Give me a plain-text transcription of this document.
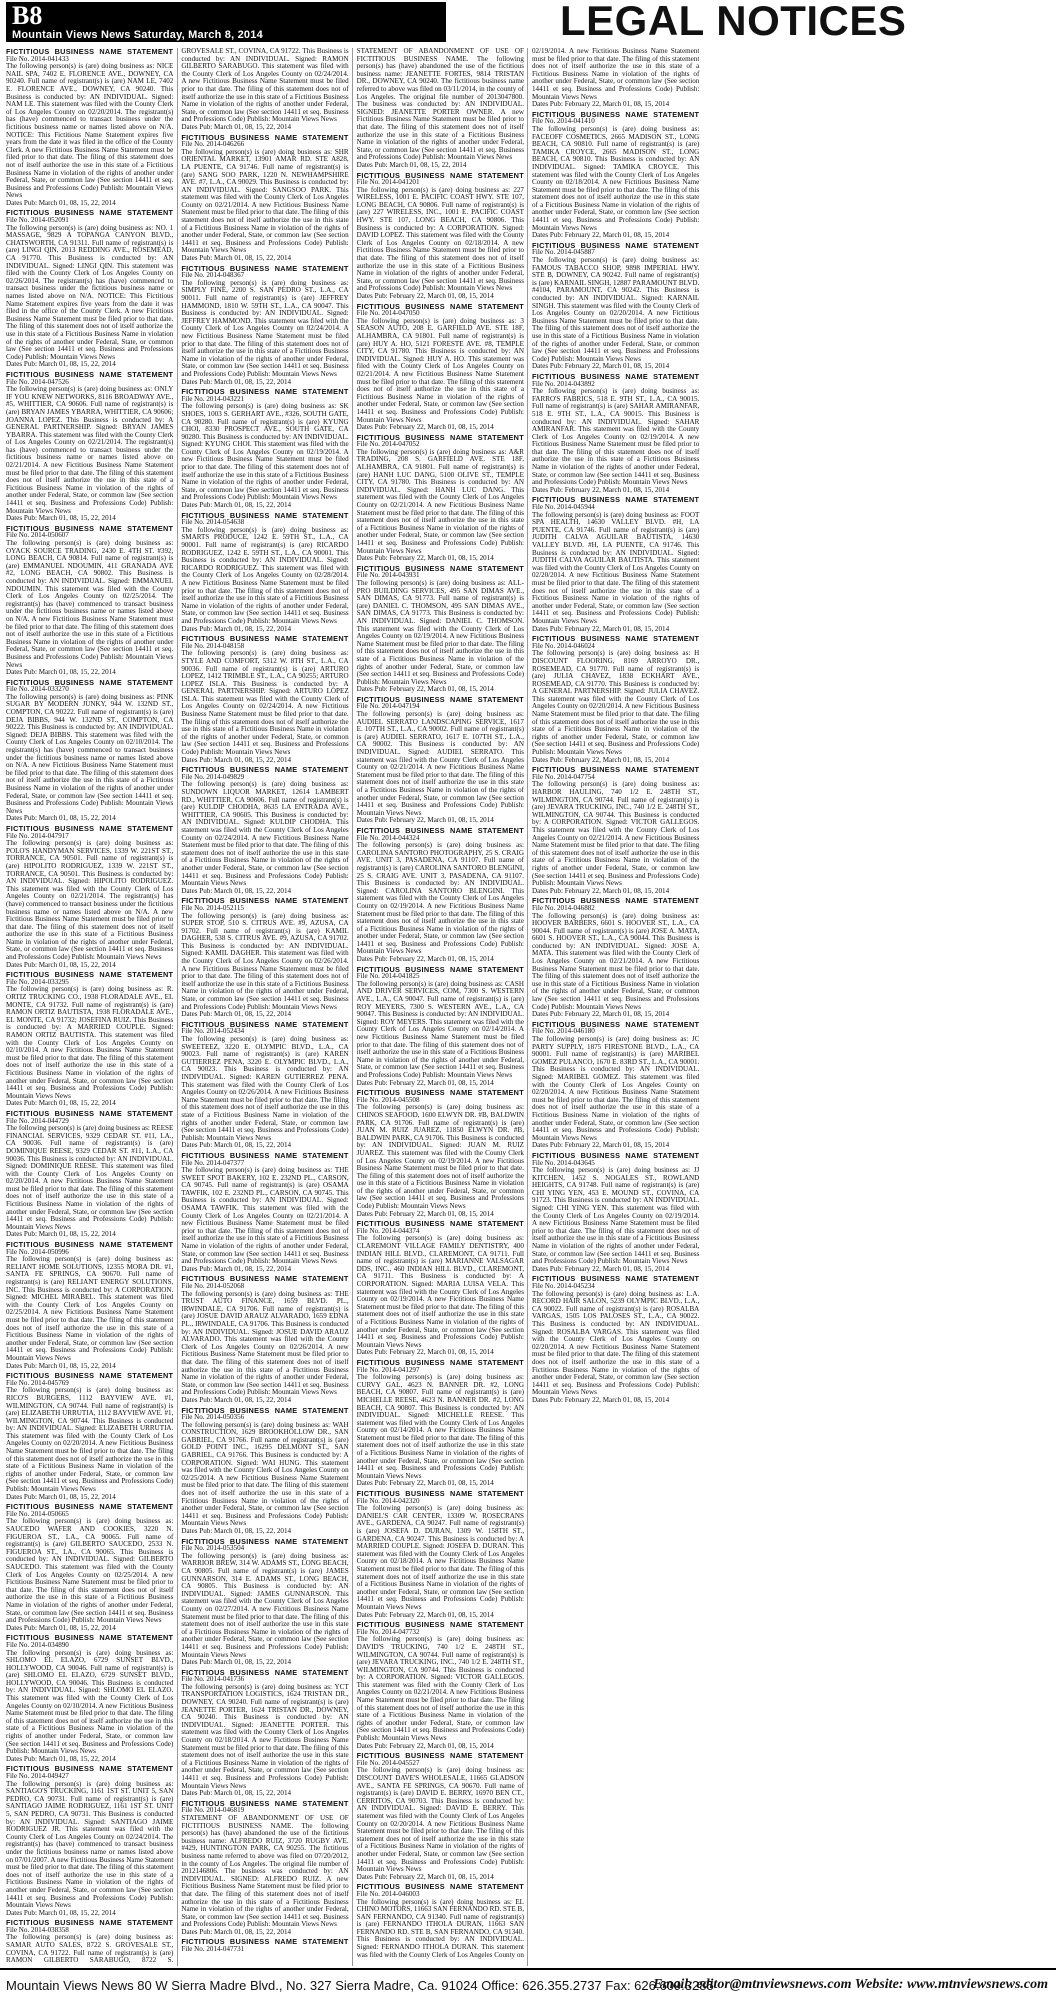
B8
Mountain Views News Saturday, March 8, 2014	LEGAL NOTICES
FICTITIOUS BUSINESS NAME STATEMENT
File No. 2014-041433
The following person(s) is (are) doing business as: NICE NAIL SPA, 7402 E. FLORENCE AVE., DOWNEY, CA 90240. Full name of registrant(s) is (are) NAM LE, 7402 E. FLORENCE AVE., DOWNEY, CA 90240. This Business is conducted by: AN INDIVIDUAL. Signed: NAM LE. This statement was filed with the County Clerk of Los Angeles County on 02/20/2014. The registrant(s) has (have) commenced to transact business under the fictitious business name or names listed above on N/A. NOTICE: This Fictitious Name Statement expires five years from the date it was filed in the office of the County Clerk. A new Fictitious Business Name Statement must be filed prior to that date. The filing of this statement does not of itself authorize the use in this state of a Fictitious Business Name in violation of the rights of another under Federal, State, or common law (See section 14411 et seq. Business and Professions Code) Publish: Mountain Views News
Dates Pub: March 01, 08, 15, 22, 2014
FICTITIOUS BUSINESS NAME STATEMENT
File No. 2014-052091
The following person(s) is (are) doing business as: NO. 1 MASSAGE, 9829 A TOPANGA CANYON BLVD., CHATSWORTH, CA 91311. Full name of registrant(s) is (are) LINGI QIN, 2013 REDDING AVE., ROSEMEAD, CA 91770. This Business is conducted by: AN INDIVIDUAL. Signed: LINGI QIN. This statement was filed with the County Clerk of Los Angeles County on 02/26/2014. The registrant(s) has (have) commenced to transact business under the fictitious business name or names listed above on N/A. NOTICE: This Fictitious Name Statement expires five years from the date it was filed in the office of the County Clerk. A new Fictitious Business Name Statement must be filed prior to that date. The filing of this statement does not of itself authorize the use in this state of a Fictitious Business Name in violation of the rights of another under Federal, State, or common law (See section 14411 et seq. Business and Professions Code) Publish: Mountain Views News
Dates Pub: March 01, 08, 15, 22, 2014
FICTITIOUS BUSINESS NAME STATEMENT
File No. 2014-047526
The following person(s) is (are) doing business as: ONLY IF YOU KNEW NETWORKS, 8116 BROADWAY AVE., #5, WHITTIER, CA 90606. Full name of registrant(s) is (are) BRYAN JAMES YBARRA, WHITTIER, CA 90606; JOANNA LOPEZ. This Business is conducted by: A GENERAL PARTNERSHIP. Signed: BRYAN JAMES YBARRA. This statement was filed with the County Clerk of Los Angeles County on 02/21/2014. The registrant(s) has (have) commenced to transact business under the fictitious business name or names listed above on 02/21/2014. A new Fictitious Business Name Statement must be filed prior to that date. The filing of this statement does not of itself authorize the use in this state of a Fictitious Business Name in violation of the rights of another under Federal, State, or common law (See section 14411 et seq. Business and Professions Code) Publish: Mountain Views News
Dates Pub: March 01, 08, 15, 22, 2014
FICTITIOUS BUSINESS NAME STATEMENT
File No. 2014-050607
The following person(s) is (are) doing business as: OYACK SOURCE TRADING, 2430 E. 4TH ST. #392, LONG BEACH, CA 90814. Full name of registrant(s) is (are) EMMANUEL NDOUMIN, 411 GRANADA AVE #2, LONG BEACH, CA 90802. This Business is conducted by: AN INDIVIDUAL. Signed: EMMANUEL NDOUMIN. This statement was filed with the County Clerk of Los Angeles County on 02/25/2014. The registrant(s) has (have) commenced to transact business under the fictitious business name or names listed above on N/A. A new Fictitious Business Name Statement must be filed prior to that date. The filing of this statement does not of itself authorize the use in this state of a Fictitious Business Name in violation of the rights of another under Federal, State, or common law (See section 14411 et seq. Business and Professions Code) Publish: Mountain Views News
Dates Pub: March 01, 08, 15, 22, 2014
FICTITIOUS BUSINESS NAME STATEMENT
File No. 2014-033270
The following person(s) is (are) doing business as: PINK SUGAR BY MODERN JUNKY, 944 W. 132ND ST., COMPTON, CA 90222. Full name of registrant(s) is (are) DEJA BIBBS, 944 W. 132ND ST., COMPTON, CA 90222. This Business is conducted by: AN INDIVIDUAL. Signed: DEJA BIBBS. This statement was filed with the County Clerk of Los Angeles County on 02/10/2014. The registrant(s) has (have) commenced to transact business under the fictitious business name or names listed above on N/A. A new Fictitious Business Name Statement must be filed prior to that date. The filing of this statement does not of itself authorize the use in this state of a Fictitious Business Name in violation of the rights of another under Federal, State, or common law (See section 14411 et seq. Business and Professions Code) Publish: Mountain Views News
Dates Pub: March 01, 08, 15, 22, 2014
FICTITIOUS BUSINESS NAME STATEMENT
File No. 2014-047917
The following person(s) is (are) doing business as: POLO'S HANDYMAN SERVICES, 1339 W. 221ST ST., TORRANCE, CA 90501. Full name of registrant(s) is (are) HIPOLITO RODRIGUEZ, 1339 W. 221ST ST., TORRANCE, CA 90501. This Business is conducted by: AN INDIVIDUAL. Signed: HIPOLITO RODRIGUEZ. This statement was filed with the County Clerk of Los Angeles County on 02/21/2014. The registrant(s) has (have) commenced to transact business under the fictitious business name or names listed above on N/A. A new Fictitious Business Name Statement must be filed prior to that date. The filing of this statement does not of itself authorize the use in this state of a Fictitious Business Name in violation of the rights of another under Federal, State, or common law (See section 14411 et seq. Business and Professions Code) Publish: Mountain Views News
Dates Pub: March 01, 08, 15, 22, 2014
FICTITIOUS BUSINESS NAME STATEMENT
File No. 2014-033295
The following person(s) is (are) doing business as: R. ORTIZ TRUCKING CO., 1938 FLORADALE AVE., EL MONTE, CA 91732. Full name of registrant(s) is (are) RAMON ORTIZ BAUTISTA, 1938 FLORADALE AVE., EL MONTE, CA 91732; JOSEFINA RUIZ. This Business is conducted by: A MARRIED COUPLE. Signed: RAMON ORTIZ BAUTISTA. This statement was filed with the County Clerk of Los Angeles County on 02/10/2014. A new Fictitious Business Name Statement must be filed prior to that date. The filing of this statement does not of itself authorize the use in this state of a Fictitious Business Name in violation of the rights of another under Federal, State, or common law (See section 14411 et seq. Business and Professions Code) Publish: Mountain Views News
Dates Pub: March 01, 08, 15, 22, 2014
FICTITIOUS BUSINESS NAME STATEMENT
File No. 2014-044729
The following person(s) is (are) doing business as: REESE FINANCIAL SERVICES, 9329 CEDAR ST. #11, LA., CA 90036. Full name of registrant(s) is (are) DOMINIQUE REESE, 9329 CEDAR ST. #11, L.A., CA 90036. This Business is conducted by: AN INDIVIDUAL. Signed: DOMINIQUE REESE. This statement was filed with the County Clerk of Los Angeles County on 02/20/2014. A new Fictitious Business Name Statement must be filed prior to that date. The filing of this statement does not of itself authorize the use in this state of a Fictitious Business Name in violation of the rights of another under Federal, State, or common law (See section 14411 et seq. Business and Professions Code) Publish: Mountain Views News
Dates Pub: March 01, 08, 15, 22, 2014
FICTITIOUS BUSINESS NAME STATEMENT
File No. 2014-050996
The following person(s) is (are) doing business as: RELIANT HOME SOLUTIONS, 12355 MORA DR. #1, SANTA FE SPRINGS, CA 90670. Full name of registrant(s) is (are) RELIANT ENERGY SOLUTIONS, INC. This Business is conducted by: A CORPORATION. Signed: MICHEL MIRABEL. This statement was filed with the County Clerk of Los Angeles County on 02/25/2014. A new Fictitious Business Name Statement must be filed prior to that date. The filing of this statement does not of itself authorize the use in this state of a Fictitious Business Name in violation of the rights of another under Federal, State, or common law (See section 14411 et seq. Business and Professions Code) Publish: Mountain Views News
Dates Pub: March 01, 08, 15, 22, 2014
FICTITIOUS BUSINESS NAME STATEMENT
File No. 2014-045769
The following person(s) is (are) doing business as: RICO'S BURGERS, 1112 BAYVIEW AVE. #1, WILMINGTON, CA 90744. Full name of registrant(s) is (are) ELIZABETH URRUTIA, 1112 BAYVIEW AVE. #1, WILMINGTON, CA 90744. This Business is conducted by: AN INDIVIDUAL. Signed: ELIZABETH URRUTIA. This statement was filed with the County Clerk of Los Angeles County on 02/20/2014. A new Fictitious Business Name Statement must be filed prior to that date. The filing of this statement does not of itself authorize the use in this state of a Fictitious Business Name in violation of the rights of another under Federal, State, or common law (See section 14411 et seq. Business and Professions Code) Publish: Mountain Views News
Dates Pub: March 01, 08, 15, 22, 2014
FICTITIOUS BUSINESS NAME STATEMENT
File No. 2014-050665
The following person(s) is (are) doing business as: SAUCEDO WAFER AND COOKIES, 3220 N. FIGUEROA ST., LA., CA 90065. Full name of registrant(s) is (are) GILBERTO SAUCEDO, 2533 N. FIGUEROA ST., LA., CA 90065. This Business is conducted by: AN INDIVIDUAL. Signed: GILBERTO SAUCEDO. This statement was filed with the County Clerk of Los Angeles County on 02/25/2014. A new Fictitious Business Name Statement must be filed prior to that date. The filing of this statement does not of itself authorize the use in this state of a Fictitious Business Name in violation of the rights of another under Federal, State, or common law (See section 14411 et seq. Business and Professions Code) Publish: Mountain Views News
Dates Pub: March 01, 08, 15, 22, 2014
FICTITIOUS BUSINESS NAME STATEMENT
File No. 2014-034890
The following person(s) is (are) doing business as: SHLOMO EL ELAZO, 6729 SUNSET BLVD., HOLLYWOOD, CA 90046. Full name of registrant(s) is (are) SHLOMO EL ELAZO, 6729 SUNSET BLVD., HOLLYWOOD, CA 90046. This Business is conducted by: AN INDIVIDUAL. Signed: SHLOMO EL ELAZO. This statement was filed with the County Clerk of Los Angeles County on 02/10/2014. A new Fictitious Business Name Statement must be filed prior to that date. The filing of this statement does not of itself authorize the use in this state of a Fictitious Business Name in violation of the rights of another under Federal, State, or common law (See section 14411 et seq. Business and Professions Code) Publish: Mountain Views News
Dates Pub: March 01, 08, 15, 22, 2014
FICTITIOUS BUSINESS NAME STATEMENT
File No. 2014-049427
The following person(s) is (are) doing business as: SANTIAGO'S TRUCKING, 1161 1ST ST. UNIT 5, SAN PEDRO, CA 90731. Full name of registrant(s) is (are) SANTIAGO JAIME RODRIGUEZ, 1161 1ST ST. UNIT 5, SAN PEDRO, CA 90731. This Business is conducted by: AN INDIVIDUAL. Signed: SANTIAGO JAIME RODRIGUEZ JR. This statement was filed with the County Clerk of Los Angeles County on 02/24/2014. The registrant(s) has (have) commenced to transact business under the fictitious business name or names listed above on 07/01/2007. A new Fictitious Business Name Statement must be filed prior to that date. The filing of this statement does not of itself authorize the use in this state of a Fictitious Business Name in violation of the rights of another under Federal, State, or common law (See section 14411 et seq. Business and Professions Code) Publish: Mountain Views News
Dates Pub: March 01, 08, 15, 22, 2014
FICTITIOUS BUSINESS NAME STATEMENT
File No. 2014-038358
The following person(s) is (are) doing business as: SAMAR AUTO SALES, 8722 S. GROVESALE ST., COVINA, CA 91722. Full name of registrant(s) is (are) RAMON GILBERTO SARABUGO, 8722 S. GROVESALE ST., COVINA, CA 91722. This Business is conducted by: AN INDIVIDUAL. Signed: RAMON GILBERTO SARABUGO. This statement was filed with the County Clerk of Los Angeles County on 02/24/2014. A new Fictitious Business Name Statement must be filed prior to that date. The filing of this statement does not of itself authorize the use in this state of a Fictitious Business Name in violation of the rights of another under Federal, State, or common law (See section 14411 et seq. Business and Professions Code) Publish: Mountain Views News
Dates Pub: March 01, 08, 15, 22, 2014
FICTITIOUS BUSINESS NAME STATEMENT
File No. 2014-046266
The following person(s) is (are) doing business as: SHR ORIENTAL MARKET, 13901 AMAR RD. STE A828, LA PUENTE, CA 91746. Full name of registrant(s) is (are) SANG SOO PARK, 1220 N. NEWHAMPSHIRE AVE. #7, L.A., CA 90029. This Business is conducted by: AN INDIVIDUAL. Signed: SANGSOO PARK. This statement was filed with the County Clerk of Los Angeles County on 02/21/2014. A new Fictitious Business Name Statement must be filed prior to that date. The filing of this statement does not of itself authorize the use in this state of a Fictitious Business Name in violation of the rights of another under Federal, State, or common law (See section 14411 et seq. Business and Professions Code) Publish: Mountain Views News
Dates Pub: March 01, 08, 15, 22, 2014
FICTITIOUS BUSINESS NAME STATEMENT
File No. 2014-048367
The following person(s) is (are) doing business as: SIMPLY FINE, 2200 S. SAN PEDRO ST., L.A., CA 90011. Full name of registrant(s) is (are) JEFFREY HAMMOND, 1810 W. 59TH ST., L.A., CA 90047. This Business is conducted by: AN INDIVIDUAL. Signed: JEFFREY HAMMOND. This statement was filed with the County Clerk of Los Angeles County on 02/24/2014. A new Fictitious Business Name Statement must be filed prior to that date. The filing of this statement does not of itself authorize the use in this state of a Fictitious Business Name in violation of the rights of another under Federal, State, or common law (See section 14411 et seq. Business and Professions Code) Publish: Mountain Views News
Dates Pub: March 01, 08, 15, 22, 2014
FICTITIOUS BUSINESS NAME STATEMENT
File No. 2014-043221
The following person(s) is (are) doing business as: SK SHOES, 1003 S. GERHART AVE., #326, SOUTH GATE, CA 90280. Full name of registrant(s) is (are) KYUNG CHOI, 8330 PROSPECT AVE., SOUTH GATE, CA 90280. This Business is conducted by: AN INDIVIDUAL. Signed: KYUNG CHOI. This statement was filed with the County Clerk of Los Angeles County on 02/19/2014. A new Fictitious Business Name Statement must be filed prior to that date. The filing of this statement does not of itself authorize the use in this state of a Fictitious Business Name in violation of the rights of another under Federal, State, or common law (See section 14411 et seq. Business and Professions Code) Publish: Mountain Views News
Dates Pub: March 01, 08, 15, 22, 2014
FICTITIOUS BUSINESS NAME STATEMENT
File No. 2014-054638
The following person(s) is (are) doing business as: SMARTS PRODUCE, 1242 E. 59TH ST., L.A., CA 90001. Full name of registrant(s) is (are) RICARDO RODRIGUEZ, 1242 E. 59TH ST., L.A., CA 90001. This Business is conducted by: AN INDIVIDUAL. Signed: RICARDO RODRIGUEZ. This statement was filed with the County Clerk of Los Angeles County on 02/28/2014. A new Fictitious Business Name Statement must be filed prior to that date. The filing of this statement does not of itself authorize the use in this state of a Fictitious Business Name in violation of the rights of another under Federal, State, or common law (See section 14411 et seq. Business and Professions Code) Publish: Mountain Views News
Dates Pub: March 01, 08, 15, 22, 2014
FICTITIOUS BUSINESS NAME STATEMENT
File No. 2014-048158
The following person(s) is (are) doing business as: STYLE AND COMFORT, 5312 W. 8TH ST., L.A., CA 90036. Full name of registrant(s) is (are) ARTURO LOPEZ, 1412 TRIMBLE ST., L.A., CA 90255; ARTURO LOPEZ ISLA. This Business is conducted by: A GENERAL PARTNERSHIP. Signed: ARTURO LOPEZ ISLA. This statement was filed with the County Clerk of Los Angeles County on 02/24/2014. A new Fictitious Business Name Statement must be filed prior to that date. The filing of this statement does not of itself authorize the use in this state of a Fictitious Business Name in violation of the rights of another under Federal, State, or common law (See section 14411 et seq. Business and Professions Code) Publish: Mountain Views News
Dates Pub: March 01, 08, 15, 22, 2014
FICTITIOUS BUSINESS NAME STATEMENT
File No. 2014-049829
The following person(s) is (are) doing business as: SUNDOWN LIQUOR MARKET, 12614 LAMBERT RD., WHITTIER, CA 90606. Full name of registrant(s) is (are) KULDIP CHODHA, 8635 LA ENTRADA AVE., WHITTIER, CA 90605. This Business is conducted by: AN INDIVIDUAL. Signed: KULDIP CHODHA. This statement was filed with the County Clerk of Los Angeles County on 02/24/2014. A new Fictitious Business Name Statement must be filed prior to that date. The filing of this statement does not of itself authorize the use in this state of a Fictitious Business Name in violation of the rights of another under Federal, State, or common law (See section 14411 et seq. Business and Professions Code) Publish: Mountain Views News
Dates Pub: March 01, 08, 15, 22, 2014
FICTITIOUS BUSINESS NAME STATEMENT
File No. 2014-052115
The following person(s) is (are) doing business as: SUPER STOP, 510 S. CITRUS AVE. #9, AZUSA, CA 91702. Full name of registrant(s) is (are) KAMIL DAGHER, 538 S. CITRUS AVE. #9, AZUSA, CA 91702. This Business is conducted by: AN INDIVIDUAL. Signed: KAMIL DAGHER. This statement was filed with the County Clerk of Los Angeles County on 02/26/2014. A new Fictitious Business Name Statement must be filed prior to that date. The filing of this statement does not of itself authorize the use in this state of a Fictitious Business Name in violation of the rights of another under Federal, State, or common law (See section 14411 et seq. Business and Professions Code) Publish: Mountain Views News
Dates Pub: March 01, 08, 15, 22, 2014
FICTITIOUS BUSINESS NAME STATEMENT
File No. 2014-052434
The following person(s) is (are) doing business as: SWEETEEZ, 3220 E. OLYMPIC BLVD., L.A., CA 90023. Full name of registrant(s) is (are) KAREN GUTIERREZ PENA, 3220 E. OLYMPIC BLVD., L.A., CA 90023. This Business is conducted by: AN INDIVIDUAL. Signed: KAREN GUTIERREZ PENA. This statement was filed with the County Clerk of Los Angeles County on 02/26/2014. A new Fictitious Business Name Statement must be filed prior to that date. The filing of this statement does not of itself authorize the use in this state of a Fictitious Business Name in violation of the rights of another under Federal, State, or common law (See section 14411 et seq. Business and Professions Code) Publish: Mountain Views News
Dates Pub: March 01, 08, 15, 22, 2014
FICTITIOUS BUSINESS NAME STATEMENT
File No. 2014-047377
The following person(s) is (are) doing business as: THE SWEET SPOT BAKERY, 102 E. 232ND PL., CARSON, CA 90745. Full name of registrant(s) is (are) OSAMA TAWFIK, 102 E. 232ND PL., CARSON, CA 90745. This Business is conducted by: AN INDIVIDUAL. Signed: OSAMA TAWFIK. This statement was filed with the County Clerk of Los Angeles County on 02/21/2014. A new Fictitious Business Name Statement must be filed prior to that date. The filing of this statement does not of itself authorize the use in this state of a Fictitious Business Name in violation of the rights of another under Federal, State, or common law (See section 14411 et seq. Business and Professions Code) Publish: Mountain Views News
Dates Pub: March 01, 08, 15, 22, 2014
FICTITIOUS BUSINESS NAME STATEMENT
File No. 2014-052068
The following person(s) is (are) doing business as: THE TRUST AUTO FINANCE, 1659 BLVD. PL., IRWINDALE, CA 91706. Full name of registrant(s) is (are) JOSUE DAVID ARAUZ ALVARADO, 1659 EDNA PL., IRWINDALE, CA 91706. This Business is conducted by: AN INDIVIDUAL. Signed: JOSUE DAVID ARAUZ ALVARADO. This statement was filed with the County Clerk of Los Angeles County on 02/26/2014. A new Fictitious Business Name Statement must be filed prior to that date. The filing of this statement does not of itself authorize the use in this state of a Fictitious Business Name in violation of the rights of another under Federal, State, or common law (See section 14411 et seq. Business and Professions Code) Publish: Mountain Views News
Dates Pub: March 01, 08, 15, 22, 2014
FICTITIOUS BUSINESS NAME STATEMENT
File No. 2014-050356
The following person(s) is (are) doing business as: WAH CONSTRUCTION, 1629 BROOKHOLLOW DR., SAN GABRIEL, CA 91766. Full name of registrant(s) is (are) GOLD POINT INC., 16295 DELMONT ST., SAN GABRIEL, CA 91766. This Business is conducted by: A CORPORATION. Signed: WAI HUNG. This statement was filed with the County Clerk of Los Angeles County on 02/25/2014. A new Fictitious Business Name Statement must be filed prior to that date. The filing of this statement does not of itself authorize the use in this state of a Fictitious Business Name in violation of the rights of another under Federal, State, or common law (See section 14411 et seq. Business and Professions Code) Publish: Mountain Views News
Dates Pub: March 01, 08, 15, 22, 2014
FICTITIOUS BUSINESS NAME STATEMENT
File No. 2014-053504
The following person(s) is (are) doing business as: WARRIOR BREW, 314 W. ADAMS ST., LONG BEACH, CA 90805. Full name of registrant(s) is (are) JAMES GUNNARSON, 314 E. ADAMS ST., LONG BEACH, CA 90805. This Business is conducted by: AN INDIVIDUAL. Signed: JAMES GUNNARSON. This statement was filed with the County Clerk of Los Angeles County on 02/27/2014. A new Fictitious Business Name Statement must be filed prior to that date. The filing of this statement does not of itself authorize the use in this state of a Fictitious Business Name in violation of the rights of another under Federal, State, or common law (See section 14411 et seq. Business and Professions Code) Publish: Mountain Views News
Dates Pub: March 01, 08, 15, 22, 2014
FICTITIOUS BUSINESS NAME STATEMENT
File No. 2014-041736
The following person(s) is (are) doing business as: YCT TRANSPORTATION LOGISTICS, 1624 TRISTAN DR., DOWNEY, CA 90240. Full name of registrant(s) is (are) JEANETTE PORTER, 1624 TRISTAN DR., DOWNEY, CA 90240. This Business is conducted by: AN INDIVIDUAL. Signed: JEANETTE PORTER. This statement was filed with the County Clerk of Los Angeles County on 02/18/2014. A new Fictitious Business Name Statement must be filed prior to that date. The filing of this statement does not of itself authorize the use in this state of a Fictitious Business Name in violation of the rights of another under Federal, State, or common law (See section 14411 et seq. Business and Professions Code) Publish: Mountain Views News
Dates Pub: March 01, 08, 15, 22, 2014
FICTITIOUS BUSINESS NAME STATEMENT
File No. 2014-046819
STATEMENT OF ABANDONMENT OF USE OF FICTITIOUS BUSINESS NAME. The following person(s) has (have) abandoned the use of the fictitious business name: ALFREDO RUIZ, 3720 RUGBY AVE. #429, HUNTINGTON PARK, CA 90255. The fictitious business name referred to above was filed on 07/20/2012, in the county of Los Angeles. The original file number of 2012146806. The business was conducted by: AN INDIVIDUAL. SIGNED: ALFREDO RUIZ. A new Fictitious Business Name Statement must be filed prior to that date. The filing of this statement does not of itself authorize the use in this state of a Fictitious Business Name in violation of the rights of another under Federal, State, or common law (See section 14411 et seq. Business and Professions Code) Publish: Mountain Views News
Dates Pub: March 01, 08, 15, 22, 2014
FICTITIOUS BUSINESS NAME STATEMENT
File No. 2014-047731
STATEMENT OF ABANDONMENT OF USE OF FICTITIOUS BUSINESS NAME. The following person(s) has (have) abandoned the use of the fictitious business name: JEANETTE FORTES, 9814 TRISTAN DR., DOWNEY, CA 90240. The fictitious business name referred to above was filed on 03/11/2014, in the county of Los Angeles. The original file number of 2013047800. The business was conducted by: AN INDIVIDUAL. SIGNED: JEANETTE PORTER OWNER. A new Fictitious Business Name Statement must be filed prior to that date. The filing of this statement does not of itself authorize the use in this state of a Fictitious Business Name in violation of the rights of another under Federal, State, or common law (See section 14411 et seq. Business and Professions Code) Publish: Mountain Views News
Dates Pub: March 01, 08, 15, 22, 2014
FICTITIOUS BUSINESS NAME STATEMENT
File No. 2014-041201
The following person(s) is (are) doing business as: 227 WIRELESS, 1001 E. PACIFIC COAST HWY. STE 107, LONG BEACH, CA 90806. Full name of registrant(s) is (are) 227 WIRELESS, INC., 1001 E. PACIFIC COAST HWY. STE 107, LONG BEACH, CA 90806. This Business is conducted by: A CORPORATION. Signed: DAVID LOPEZ. This statement was filed with the County Clerk of Los Angeles County on 02/18/2014. A new Fictitious Business Name Statement must be filed prior to that date. The filing of this statement does not of itself authorize the use in this state of a Fictitious Business Name in violation of the rights of another under Federal, State, or common law (See section 14411 et seq. Business and Professions Code) Publish: Mountain Views News
Dates Pub: February 22, March 01, 08, 15, 2014
FICTITIOUS BUSINESS NAME STATEMENT
File No. 2014-047050
The following person(s) is (are) doing business as: 3 SEASON AUTO, 208 E. GARFIELD AVE. STE 18F, ALHAMBRA, CA 91801. Full name of registrant(s) is (are) HUY A. HO, 5121 FORESTE AVE. #8, TEMPLE CITY, CA 91780. This Business is conducted by: AN INDIVIDUAL. Signed: HUY A. HO. This statement was filed with the County Clerk of Los Angeles County on 02/21/2014. A new Fictitious Business Name Statement must be filed prior to that date. The filing of this statement does not of itself authorize the use in this state of a Fictitious Business Name in violation of the rights of another under Federal, State, or common law (See section 14411 et seq. Business and Professions Code) Publish: Mountain Views News
Dates Pub: February 22, March 01, 08, 15, 2014
FICTITIOUS BUSINESS NAME STATEMENT
File No. 2014-047052
The following person(s) is (are) doing business as: A&R TRADING, 208 S. GARFIELD AVE. STE 18F, ALHAMBRA, CA 91801. Full name of registrant(s) is (are) HANH LUC DANG, 5100 OLIVE ST., TEMPLE CITY, CA 91780. This Business is conducted by: AN INDIVIDUAL. Signed: HANH LUC DANG. This statement was filed with the County Clerk of Los Angeles County on 02/21/2014. A new Fictitious Business Name Statement must be filed prior to that date. The filing of this statement does not of itself authorize the use in this state of a Fictitious Business Name in violation of the rights of another under Federal, State, or common law (See section 14411 et seq. Business and Professions Code) Publish: Mountain Views News
Dates Pub: February 22, March 01, 08, 15, 2014
FICTITIOUS BUSINESS NAME STATEMENT
File No. 2014-043931
The following person(s) is (are) doing business as: ALL-PRO BUILDING SERVICES, 495 SAN DIMAS AVE., SAN DIMAS, CA 91773. Full name of registrant(s) is (are) DANIEL C. THOMSON, 495 SAN DIMAS AVE., SAN DIMAS, CA 91773. This Business is conducted by: AN INDIVIDUAL. Signed: DANIEL C. THOMSON. This statement was filed with the County Clerk of Los Angeles County on 02/19/2014. A new Fictitious Business Name Statement must be filed prior to that date. The filing of this statement does not of itself authorize the use in this state of a Fictitious Business Name in violation of the rights of another under Federal, State, or common law (See section 14411 et seq. Business and Professions Code) Publish: Mountain Views News
Dates Pub: February 22, March 01, 08, 15, 2014
FICTITIOUS BUSINESS NAME STATEMENT
File No. 2014-047194
The following person(s) is (are) doing business as: AUDIEL SERRATO LANDSCAPING SERVICE, 1617 E. 107TH ST., L.A., CA 90002. Full name of registrant(s) is (are) AUDIEL SERRATO, 1617 E. 107TH ST., L.A., CA 90002. This Business is conducted by: AN INDIVIDUAL. Signed: AUDIEL SERRATO. This statement was filed with the County Clerk of Los Angeles County on 02/21/2014. A new Fictitious Business Name Statement must be filed prior to that date. The filing of this statement does not of itself authorize the use in this state of a Fictitious Business Name in violation of the rights of another under Federal, State, or common law (See section 14411 et seq. Business and Professions Code) Publish: Mountain Views News
Dates Pub: February 22, March 01, 08, 15, 2014
FICTITIOUS BUSINESS NAME STATEMENT
File No. 2014-044324
The following person(s) is (are) doing business as: CAROLINA SANTORO PHOTOGRAPHY, 25 S. CRAIG AVE. UNIT 3, PASADENA, CA 91107. Full name of registrant(s) is (are) CAROLINA SANTORO BLENGINI, 25 S. CRAIG AVE. UNIT 3, PASADENA, CA 91107. This Business is conducted by: AN INDIVIDUAL. Signed: CAROLINA SANTORO BLENGINI. This statement was filed with the County Clerk of Los Angeles County on 02/19/2014. A new Fictitious Business Name Statement must be filed prior to that date. The filing of this statement does not of itself authorize the use in this state of a Fictitious Business Name in violation of the rights of another under Federal, State, or common law (See section 14411 et seq. Business and Professions Code) Publish: Mountain Views News
Dates Pub: February 22, March 01, 08, 15, 2014
FICTITIOUS BUSINESS NAME STATEMENT
File No. 2014-041825
The following person(s) is (are) doing business as: CASH AND DRIVER SERVICES, COM, 7300 S. WESTERN AVE., L.A., CA 90047. Full name of registrant(s) is (are) ROY MEYERS, 7300 S. WESTERN AVE., L.A., CA 90047. This Business is conducted by: AN INDIVIDUAL. Signed: ROY MEYERS. This statement was filed with the County Clerk of Los Angeles County on 02/14/2014. A new Fictitious Business Name Statement must be filed prior to that date. The filing of this statement does not of itself authorize the use in this state of a Fictitious Business Name in violation of the rights of another under Federal, State, or common law (See section 14411 et seq. Business and Professions Code) Publish: Mountain Views News
Dates Pub: February 22, March 01, 08, 15, 2014
FICTITIOUS BUSINESS NAME STATEMENT
File No. 2014-045508
The following person(s) is (are) doing business as: CHINOS SEAFOOD, 1600 ELWYN DR. #B, BALDWIN PARK, CA 91706. Full name of registrant(s) is (are) JUAN M. RUIZ JUAREZ, 11850 ELWYN DR. #B, BALDWIN PARK, CA 91706. This Business is conducted by: AN INDIVIDUAL. Signed: JUAN M. RUIZ JUAREZ. This statement was filed with the County Clerk of Los Angeles County on 02/19/2014. A new Fictitious Business Name Statement must be filed prior to that date. The filing of this statement does not of itself authorize the use in this state of a Fictitious Business Name in violation of the rights of another under Federal, State, or common law (See section 14411 et seq. Business and Professions Code) Publish: Mountain Views News
Dates Pub: February 22, March 01, 08, 15, 2014
FICTITIOUS BUSINESS NAME STATEMENT
File No. 2014-044374
The following person(s) is (are) doing business as: CLAREMONT VILLAGE FAMILY DENTISTRY, 400 INDIAN HILL BLVD., CLAREMONT, CA 91711. Full name of registrant(s) is (are) MARIANNE VALSAGAR DDS, INC., 460 INDIAN HILL BLVD., CLAREMONT, CA 91711. This Business is conducted by: A CORPORATION. Signed: MARIA LUISA VELA. This statement was filed with the County Clerk of Los Angeles County on 02/19/2014. A new Fictitious Business Name Statement must be filed prior to that date. The filing of this statement does not of itself authorize the use in this state of a Fictitious Business Name in violation of the rights of another under Federal, State, or common law (See section 14411 et seq. Business and Professions Code) Publish: Mountain Views News
Dates Pub: February 22, March 01, 08, 15, 2014
FICTITIOUS BUSINESS NAME STATEMENT
File No. 2014-041297
The following person(s) is (are) doing business as: CURVY GAL, 4623 N. BANNER DR. #2, LONG BEACH, CA 90807. Full name of registrant(s) is (are) MICHELLE REESE, 4623 N. BANNER DR. #2, LONG BEACH, CA 90807. This Business is conducted by: AN INDIVIDUAL. Signed: MICHELLE REESE. This statement was filed with the County Clerk of Los Angeles County on 02/14/2014. A new Fictitious Business Name Statement must be filed prior to that date. The filing of this statement does not of itself authorize the use in this state of a Fictitious Business Name in violation of the rights of another under Federal, State, or common law (See section 14411 et seq. Business and Professions Code) Publish: Mountain Views News
Dates Pub: February 22, March 01, 08, 15, 2014
FICTITIOUS BUSINESS NAME STATEMENT
File No. 2014-042320
The following person(s) is (are) doing business as: DANIEL'S CAR CENTER, 13309 W. ROSECRANS AVE., GARDENA, CA 90247. Full name of registrant(s) is (are) JOSEFA D. DURAN, 1309 W. 158TH ST., GARDENA, CA 90247. This Business is conducted by: A MARRIED COUPLE. Signed: JOSEFA D. DURAN. This statement was filed with the County Clerk of Los Angeles County on 02/18/2014. A new Fictitious Business Name Statement must be filed prior to that date. The filing of this statement does not of itself authorize the use in this state of a Fictitious Business Name in violation of the rights of another under Federal, State, or common law (See section 14411 et seq. Business and Professions Code) Publish: Mountain Views News
Dates Pub: February 22, March 01, 08, 15, 2014
FICTITIOUS BUSINESS NAME STATEMENT
File No. 2014-047732
The following person(s) is (are) doing business as: DAVID'S TRUCKING, 740 1/2 E. 248TH ST., WILMINGTON, CA 90744. Full name of registrant(s) is (are) JEVARA TRUCKING, INC., 740 1/2 E. 248TH ST., WILMINGTON, CA 90744. This Business is conducted by: A CORPORATION. Signed: VICTOR GALLEGOS. This statement was filed with the County Clerk of Los Angeles County on 02/21/2014. A new Fictitious Business Name Statement must be filed prior to that date. The filing of this statement does not of itself authorize the use in this state of a Fictitious Business Name in violation of the rights of another under Federal, State, or common law (See section 14411 et seq. Business and Professions Code) Publish: Mountain Views News
Dates Pub: February 22, March 01, 08, 15, 2014
FICTITIOUS BUSINESS NAME STATEMENT
File No. 2014-045527
The following person(s) is (are) doing business as: DISCOUNT DAVE'S WHOLESALE, 11665 GLADSON AVE., SANTA FE SPRINGS, CA 90670. Full name of registrant(s) is (are) DAVID E. BERRY, 16970 BEN CT., CERRITOS, CA 90703. This Business is conducted by: AN INDIVIDUAL. Signed: DAVID E. BERRY. This statement was filed with the County Clerk of Los Angeles County on 02/20/2014. A new Fictitious Business Name Statement must be filed prior to that date. The filing of this statement does not of itself authorize the use in this state of a Fictitious Business Name in violation of the rights of another under Federal, State, or common law (See section 14411 et seq. Business and Professions Code) Publish: Mountain Views News
Dates Pub: February 22, March 01, 08, 15, 2014
FICTITIOUS BUSINESS NAME STATEMENT
File No. 2014-046003
The following person(s) is (are) doing business as: EL CHINO MOTORS, 11663 SAN FERNANDO RD. STE B, SAN FERNANDO, CA 91340. Full name of registrant(s) is (are) FERNANDO ITHOLA DURAN, 11663 SAN FERNANDO RD. STE B, SAN FERNANDO, CA 91340. This Business is conducted by: AN INDIVIDUAL. Signed: FERNANDO ITHOLA DURAN. This statement was filed with the County Clerk of Los Angeles County on 02/19/2014. A new Fictitious Business Name Statement must be filed prior to that date. The filing of this statement does not of itself authorize the use in this state of a Fictitious Business Name in violation of the rights of another under Federal, State, or common law (See section 14411 et seq. Business and Professions Code) Publish: Mountain Views News
Dates Pub: February 22, March 01, 08, 15, 2014
FICTITIOUS BUSINESS NAME STATEMENT
File No. 2014-041410
The following person(s) is (are) doing business as: FACEOFF COSMETICS, 2665 MADISON ST., LONG BEACH, CA 90810. Full name of registrant(s) is (are) TAMIKA CROYCE, 2665 MADISON ST., LONG BEACH, CA 90810. This Business is conducted by: AN INDIVIDUAL. Signed: TAMIKA CROYCE. This statement was filed with the County Clerk of Los Angeles County on 02/18/2014. A new Fictitious Business Name Statement must be filed prior to that date. The filing of this statement does not of itself authorize the use in this state of a Fictitious Business Name in violation of the rights of another under Federal, State, or common law (See section 14411 et seq. Business and Professions Code) Publish: Mountain Views News
Dates Pub: February 22, March 01, 08, 15, 2014
FICTITIOUS BUSINESS NAME STATEMENT
File No. 2014-045887
The following person(s) is (are) doing business as: FAMOUS TABACCO SHOP, 9898 IMPERIAL HWY. STE B, DOWNEY, CA 90242. Full name of registrant(s) is (are) KARNAIL SINGH, 12887 PARAMOUNT BLVD. #4104, PARAMOUNT, CA 90242. This Business is conducted by: AN INDIVIDUAL. Signed: KARNAIL SINGH. This statement was filed with the County Clerk of Los Angeles County on 02/20/2014. A new Fictitious Business Name Statement must be filed prior to that date. The filing of this statement does not of itself authorize the use in this state of a Fictitious Business Name in violation of the rights of another under Federal, State, or common law (See section 14411 et seq. Business and Professions Code) Publish: Mountain Views News
Dates Pub: February 22, March 01, 08, 15, 2014
FICTITIOUS BUSINESS NAME STATEMENT
File No. 2014-043892
The following person(s) is (are) doing business as: FARRO'S FABRICS, 518 E. 9TH ST., L.A., CA 90015. Full name of registrant(s) is (are) SAHAR AMIRANFAR, 518 E. 9TH ST., L.A., CA 90015. This Business is conducted by: AN INDIVIDUAL. Signed: SAHAR AMIRANFAR. This statement was filed with the County Clerk of Los Angeles County on 02/19/2014. A new Fictitious Business Name Statement must be filed prior to that date. The filing of this statement does not of itself authorize the use in this state of a Fictitious Business Name in violation of the rights of another under Federal, State, or common law (See section 14411 et seq. Business and Professions Code) Publish: Mountain Views News
Dates Pub: February 22, March 01, 08, 15, 2014
FICTITIOUS BUSINESS NAME STATEMENT
File No. 2014-045944
The following person(s) is (are) doing business as: FOOT SPA HEALTH, 14630 VALLEY BLVD. #H, LA PUENTE, CA 91746. Full name of registrant(s) is (are) JUDITH CALVA AGUILAR BAUTISTA, 14630 VALLEY BLVD. #H, LA PUENTE, CA 91746. This Business is conducted by: AN INDIVIDUAL. Signed: JUDITH CALVA AGUILAR BAUTISTA. This statement was filed with the County Clerk of Los Angeles County on 02/20/2014. A new Fictitious Business Name Statement must be filed prior to that date. The filing of this statement does not of itself authorize the use in this state of a Fictitious Business Name in violation of the rights of another under Federal, State, or common law (See section 14411 et seq. Business and Professions Code) Publish: Mountain Views News
Dates Pub: February 22, March 01, 08, 15, 2014
FICTITIOUS BUSINESS NAME STATEMENT
File No. 2014-046024
The following person(s) is (are) doing business as: H DISCOUNT FLOORING, 8169 ARROYO DR., ROSEMEAD, CA 91770. Full name of registrant(s) is (are) JULIA CHAVEZ, 1838 ECKHART AVE., ROSEMEAD, CA 91770. This Business is conducted by: A GENERAL PARTNERSHIP. Signed: JULIA CHAVEZ. This statement was filed with the County Clerk of Los Angeles County on 02/20/2014. A new Fictitious Business Name Statement must be filed prior to that date. The filing of this statement does not of itself authorize the use in this state of a Fictitious Business Name in violation of the rights of another under Federal, State, or common law (See section 14411 et seq. Business and Professions Code) Publish: Mountain Views News
Dates Pub: February 22, March 01, 08, 15, 2014
FICTITIOUS BUSINESS NAME STATEMENT
File No. 2014-047754
The following person(s) is (are) doing business as: HARBOR HAULING, 740 1/2 E. 248TH ST., WILMINGTON, CA 90744. Full name of registrant(s) is (are) JEVARA TRUCKING, INC., 740 1/2 E. 248TH ST., WILMINGTON, CA 90744. This Business is conducted by: A CORPORATION. Signed: VICTOR GALLEGOS. This statement was filed with the County Clerk of Los Angeles County on 02/21/2014. A new Fictitious Business Name Statement must be filed prior to that date. The filing of this statement does not of itself authorize the use in this state of a Fictitious Business Name in violation of the rights of another under Federal, State, or common law (See section 14411 et seq. Business and Professions Code) Publish: Mountain Views News
Dates Pub: February 22, March 01, 08, 15, 2014
FICTITIOUS BUSINESS NAME STATEMENT
File No. 2014-046882
The following person(s) is (are) doing business as: HOOVER BARBERS, 6601 S. HOOVER ST., L.A., CA 90044. Full name of registrant(s) is (are) JOSE A. MATA, 6601 S. HOOVER ST., L.A., CA 90044. This Business is conducted by: AN INDIVIDUAL. Signed: JOSE A. MATA. This statement was filed with the County Clerk of Los Angeles County on 02/21/2014. A new Fictitious Business Name Statement must be filed prior to that date. The filing of this statement does not of itself authorize the use in this state of a Fictitious Business Name in violation of the rights of another under Federal, State, or common law (See section 14411 et seq. Business and Professions Code) Publish: Mountain Views News
Dates Pub: February 22, March 01, 08, 15, 2014
FICTITIOUS BUSINESS NAME STATEMENT
File No. 2014-046180
The following person(s) is (are) doing business as: JC PARTY SUPPLY, 1875 FIRESTONE BLVD., L.A., CA 90001. Full name of registrant(s) is (are) MARIBEL GOMEZ PULANCO, 1670 E. 83RD ST., L.A., CA 90001. This Business is conducted by: AN INDIVIDUAL. Signed: MARIBEL GOMEZ. This statement was filed with the County Clerk of Los Angeles County on 02/20/2014. A new Fictitious Business Name Statement must be filed prior to that date. The filing of this statement does not of itself authorize the use in this state of a Fictitious Business Name in violation of the rights of another under Federal, State, or common law (See section 14411 et seq. Business and Professions Code) Publish: Mountain Views News
Dates Pub: February 22, March 01, 08, 15, 2014
FICTITIOUS BUSINESS NAME STATEMENT
File No. 2014-043645
The following person(s) is (are) doing business as: JJ KITCHEN, 1452 S. NOGALES ST., ROWLAND HEIGHTS, CA 91748. Full name of registrant(s) is (are) CHI YING YEN, 453 E. MOUND ST., COVINA, CA 91723. This Business is conducted by: AN INDIVIDUAL. Signed: CHI YING YEN. This statement was filed with the County Clerk of Los Angeles County on 02/19/2014. A new Fictitious Business Name Statement must be filed prior to that date. The filing of this statement does not of itself authorize the use in this state of a Fictitious Business Name in violation of the rights of another under Federal, State, or common law (See section 14411 et seq. Business and Professions Code) Publish: Mountain Views News
Dates Pub: February 22, March 01, 08, 15, 2014
FICTITIOUS BUSINESS NAME STATEMENT
File No. 2014-045234
The following person(s) is (are) doing business as: L.A. RECORD HAIR SALON, 5239 OLYMPIC BLVD., L.A., CA 90022. Full name of registrant(s) is (are) ROSALBA VARGAS, 1505 LOS PALOSES ST., L.A., CA 90022. This Business is conducted by: AN INDIVIDUAL. Signed: ROSALBA VARGAS. This statement was filed with the County Clerk of Los Angeles County on 02/20/2014. A new Fictitious Business Name Statement must be filed prior to that date. The filing of this statement does not of itself authorize the use in this state of a Fictitious Business Name in violation of the rights of another under Federal, State, or common law (See section 14411 et seq. Business and Professions Code) Publish: Mountain Views News
Dates Pub: February 22, March 01, 08, 15, 2014
Mountain Views News 80 W Sierra Madre Blvd., No. 327 Sierra Madre, Ca. 91024 Office: 626.355.2737 Fax: 626.609.3285
Email: editor@mtnviewsnews.com Website: www.mtnviewsnews.com
